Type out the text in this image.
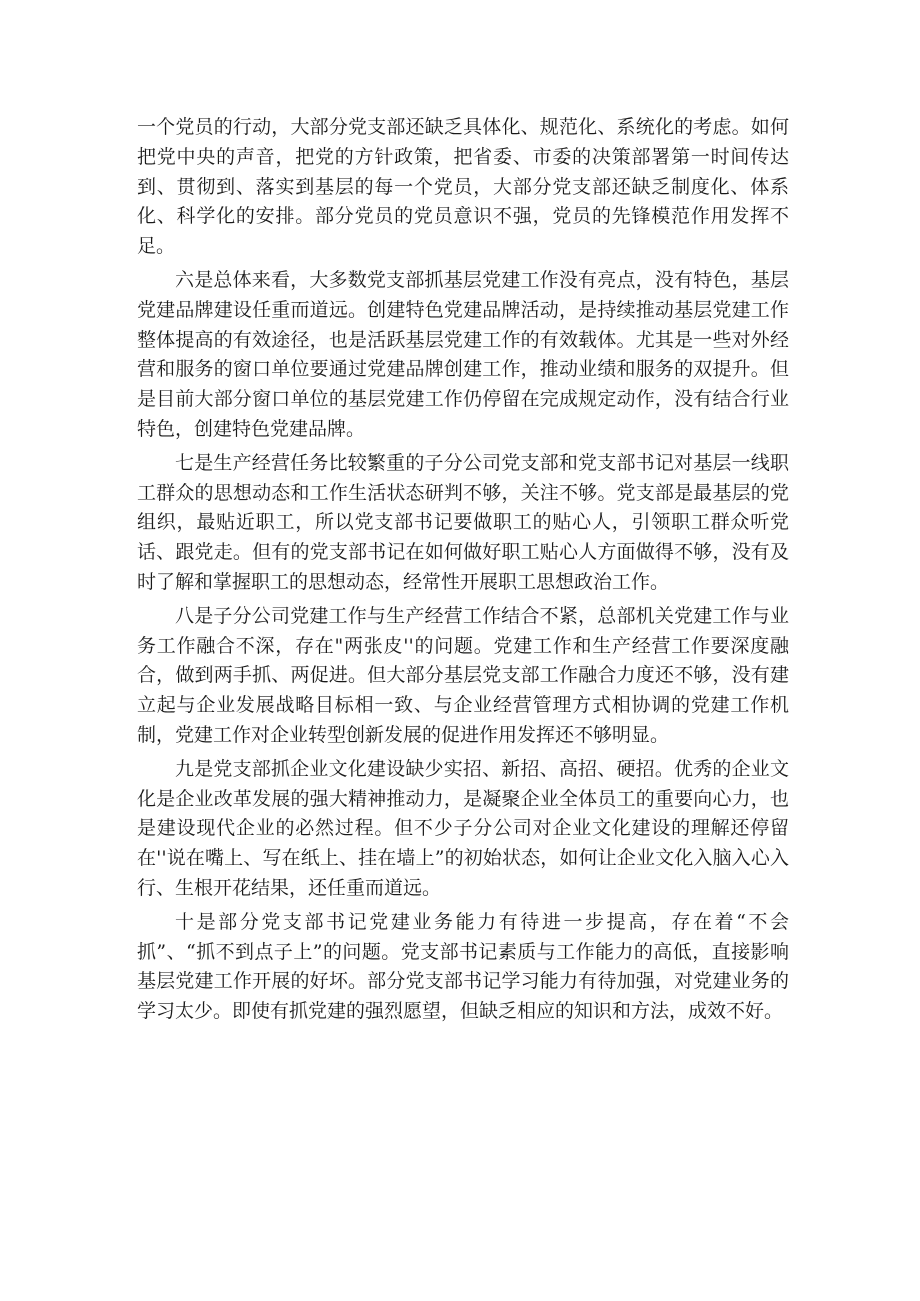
一个党员的行动，大部分党支部还缺乏具体化、规范化、系统化的考虑。如何把党中央的声音，把党的方针政策，把省委、市委的决策部署第一时间传达到、贯彻到、落实到基层的每一个党员，大部分党支部还缺乏制度化、体系化、科学化的安排。部分党员的党员意识不强，党员的先锋模范作用发挥不足。

六是总体来看，大多数党支部抓基层党建工作没有亮点，没有特色，基层党建品牌建设任重而道远。创建特色党建品牌活动，是持续推动基层党建工作整体提高的有效途径，也是活跃基层党建工作的有效载体。尤其是一些对外经营和服务的窗口单位要通过党建品牌创建工作，推动业绩和服务的双提升。但是目前大部分窗口单位的基层党建工作仍停留在完成规定动作，没有结合行业特色，创建特色党建品牌。

七是生产经营任务比较繁重的子分公司党支部和党支部书记对基层一线职工群众的思想动态和工作生活状态研判不够，关注不够。党支部是最基层的党组织，最贴近职工，所以党支部书记要做职工的贴心人，引领职工群众听党话、跟党走。但有的党支部书记在如何做好职工贴心人方面做得不够，没有及时了解和掌握职工的思想动态，经常性开展职工思想政治工作。

八是子分公司党建工作与生产经营工作结合不紧，总部机关党建工作与业务工作融合不深，存在"两张皮''的问题。党建工作和生产经营工作要深度融合，做到两手抓、两促进。但大部分基层党支部工作融合力度还不够，没有建立起与企业发展战略目标相一致、与企业经营管理方式相协调的党建工作机制，党建工作对企业转型创新发展的促进作用发挥还不够明显。

九是党支部抓企业文化建设缺少实招、新招、高招、硬招。优秀的企业文化是企业改革发展的强大精神推动力，是凝聚企业全体员工的重要向心力，也是建设现代企业的必然过程。但不少子分公司对企业文化建设的理解还停留在''说在嘴上、写在纸上、挂在墙上”的初始状态，如何让企业文化入脑入心入行、生根开花结果，还任重而道远。

十是部分党支部书记党建业务能力有待进一步提高，存在着“不会抓”、“抓不到点子上”的问题。党支部书记素质与工作能力的高低，直接影响基层党建工作开展的好坏。部分党支部书记学习能力有待加强，对党建业务的学习太少。即使有抓党建的强烈愿望，但缺乏相应的知识和方法，成效不好。
